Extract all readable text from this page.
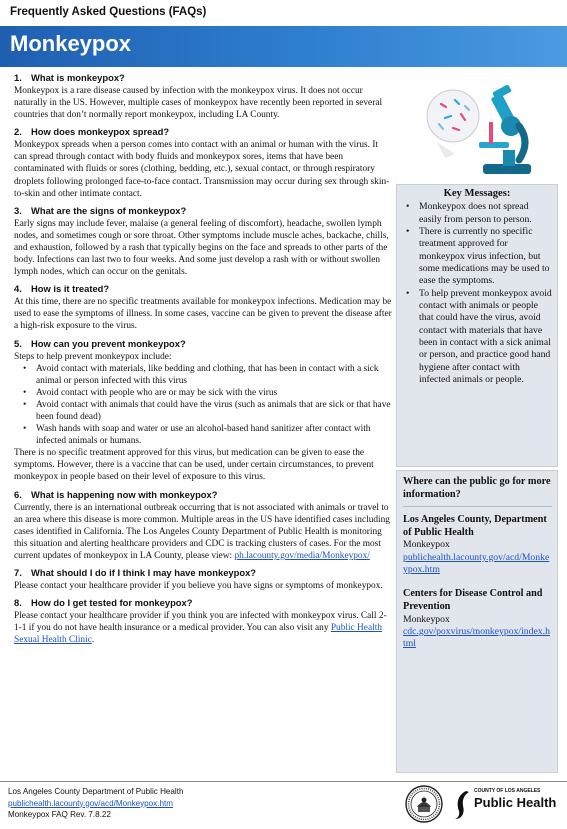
Frequently Asked Questions (FAQs)
Monkeypox
1. What is monkeypox?
Monkeypox is a rare disease caused by infection with the monkeypox virus. It does not occur naturally in the US. However, multiple cases of monkeypox have recently been reported in several countries that don’t normally report monkeypox, including LA County.
2. How does monkeypox spread?
Monkeypox spreads when a person comes into contact with an animal or human with the virus. It can spread through contact with body fluids and monkeypox sores, items that have been contaminated with fluids or sores (clothing, bedding, etc.), sexual contact, or through respiratory droplets following prolonged face-to-face contact. Transmission may occur during sex through skin-to-skin and other intimate contact.
3. What are the signs of monkeypox?
Early signs may include fever, malaise (a general feeling of discomfort), headache, swollen lymph nodes, and sometimes cough or sore throat. Other symptoms include muscle aches, backache, chills, and exhaustion, followed by a rash that typically begins on the face and spreads to other parts of the body. Infections can last two to four weeks. And some just develop a rash with or without swollen lymph nodes, which can occur on the genitals.
4. How is it treated?
At this time, there are no specific treatments available for monkeypox infections. Medication may be used to ease the symptoms of illness. In some cases, vaccine can be given to prevent the disease after a high-risk exposure to the virus.
5. How can you prevent monkeypox?
Steps to help prevent monkeypox include:
• Avoid contact with materials, like bedding and clothing, that has been in contact with a sick animal or person infected with this virus
• Avoid contact with people who are or may be sick with the virus
• Avoid contact with animals that could have the virus (such as animals that are sick or that have been found dead)
• Wash hands with soap and water or use an alcohol-based hand sanitizer after contact with infected animals or humans.
There is no specific treatment approved for this virus, but medication can be given to ease the symptoms. However, there is a vaccine that can be used, under certain circumstances, to prevent monkeypox in people based on their level of exposure to this virus.
6. What is happening now with monkeypox?
Currently, there is an international outbreak occurring that is not associated with animals or travel to an area where this disease is more common. Multiple areas in the US have identified cases including cases identified in California. The Los Angeles County Department of Public Health is monitoring this situation and alerting healthcare providers and CDC is tracking clusters of cases. For the most current updates of monkeypox in LA County, please view: ph.lacounty.gov/media/Monkeypox/
7. What should I do if I think I may have monkeypox?
Please contact your healthcare provider if you believe you have signs or symptoms of monkeypox.
8. How do I get tested for monkeypox?
Please contact your healthcare provider if you think you are infected with monkeypox virus. Call 2-1-1 if you do not have health insurance or a medical provider. You can also visit any Public Health Sexual Health Clinic.
Key Messages:
• Monkeypox does not spread easily from person to person.
• There is currently no specific treatment approved for monkeypox virus infection, but some medications may be used to ease the symptoms.
• To help prevent monkeypox avoid contact with animals or people that could have the virus, avoid contact with materials that have been in contact with a sick animal or person, and practice good hand hygiene after contact with infected animals or people.
Where can the public go for more information?
Los Angeles County, Department of Public Health
Monkeypox
publichealth.lacounty.gov/acd/Monkeypox.htm
Centers for Disease Control and Prevention
Monkeypox
cdc.gov/poxvirus/monkeypox/index.html
Los Angeles County Department of Public Health
publichealth.lacounty.gov/acd/Monkeypox.htm
Monkeypox FAQ Rev. 7.8.22
COUNTY OF LOS ANGELES
Public Health
